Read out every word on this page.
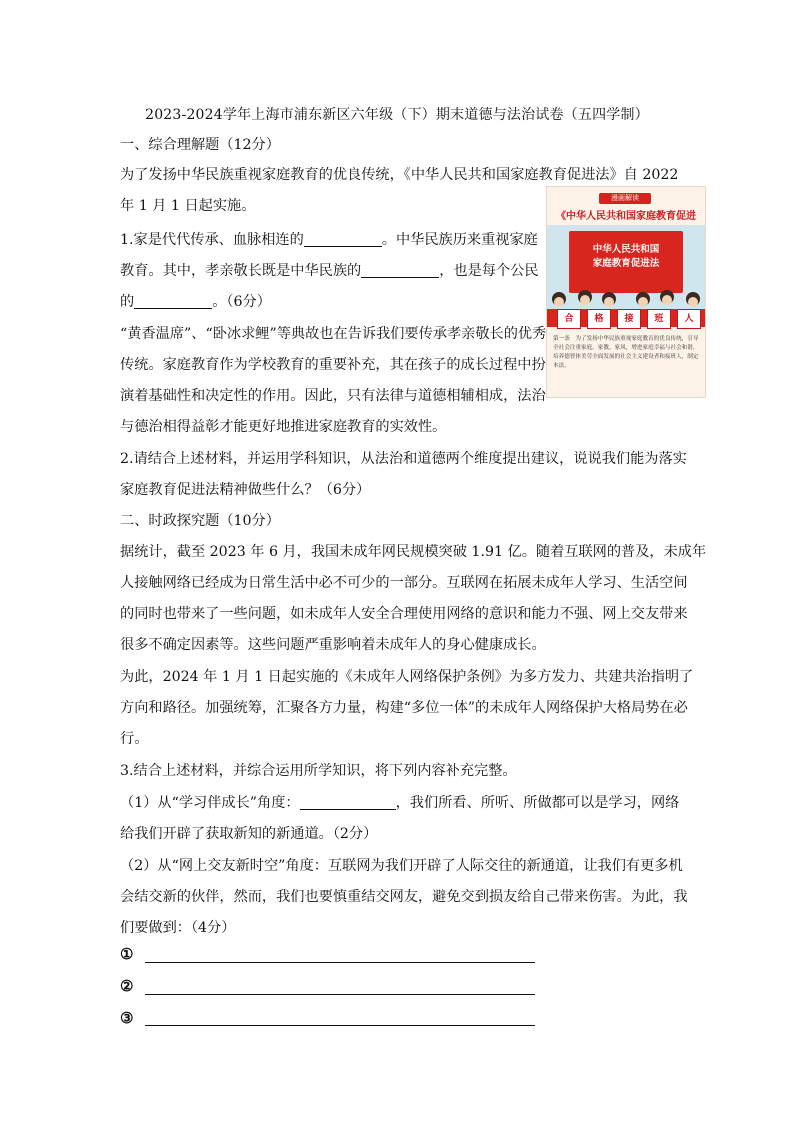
2023-2024学年上海市浦东新区六年级（下）期末道德与法治试卷（五四学制）
一、综合理解题（12分）
为了发扬中华民族重视家庭教育的优良传统，《中华人民共和国家庭教育促进法》自 2022
年 1 月 1 日起实施。
1.家是代代传承、血脉相连的	。中华民族历来重视家庭
教育。其中，孝亲敬长既是中华民族的	，也是每个公民
的	。（6分）
“黄香温席”、“卧冰求鲤”等典故也在告诉我们要传承孝亲敬长的优秀
传统。家庭教育作为学校教育的重要补充，其在孩子的成长过程中扮
演着基础性和决定性的作用。因此，只有法律与道德相辅相成，法治
与德治相得益彰才能更好地推进家庭教育的实效性。
2.请结合上述材料，并运用学科知识，从法治和道德两个维度提出建议，说说我们能为落实
家庭教育促进法精神做些什么？（6分）
二、时政探究题（10分）
据统计，截至 2023 年 6 月，我国未成年网民规模突破 1.91 亿。随着互联网的普及，未成年
人接触网络已经成为日常生活中必不可少的一部分。互联网在拓展未成年人学习、生活空间
的同时也带来了一些问题，如未成年人安全合理使用网络的意识和能力不强、网上交友带来
很多不确定因素等。这些问题严重影响着未成年人的身心健康成长。
为此，2024 年 1 月 1 日起实施的《未成年人网络保护条例》为多方发力、共建共治指明了
方向和路径。加强统筹，汇聚各方力量，构建“多位一体”的未成年人网络保护大格局势在必
行。
3.结合上述材料，并综合运用所学知识，将下列内容补充完整。
（1）从“学习伴成长”角度：	，我们所看、所听、所做都可以是学习，网络
给我们开辟了获取新知的新通道。（2分）
（2）从“网上交友新时空”角度：互联网为我们开辟了人际交往的新通道，让我们有更多机
会结交新的伙伴，然而，我们也要慎重结交网友，避免交到损友给自己带来伤害。为此，我
们要做到：（4分）
①
②
③
漫画解读
《中华人民共和国家庭教育促进
中华人民共和国
家庭教育促进法
合	格	接	班	人
第一条　为了发扬中华民族重视家庭教育的优良传统，引导全社会注重家庭、家教、家风，增进家庭幸福与社会和谐，培养德智体美劳全面发展的社会主义建设者和接班人，制定本法。
